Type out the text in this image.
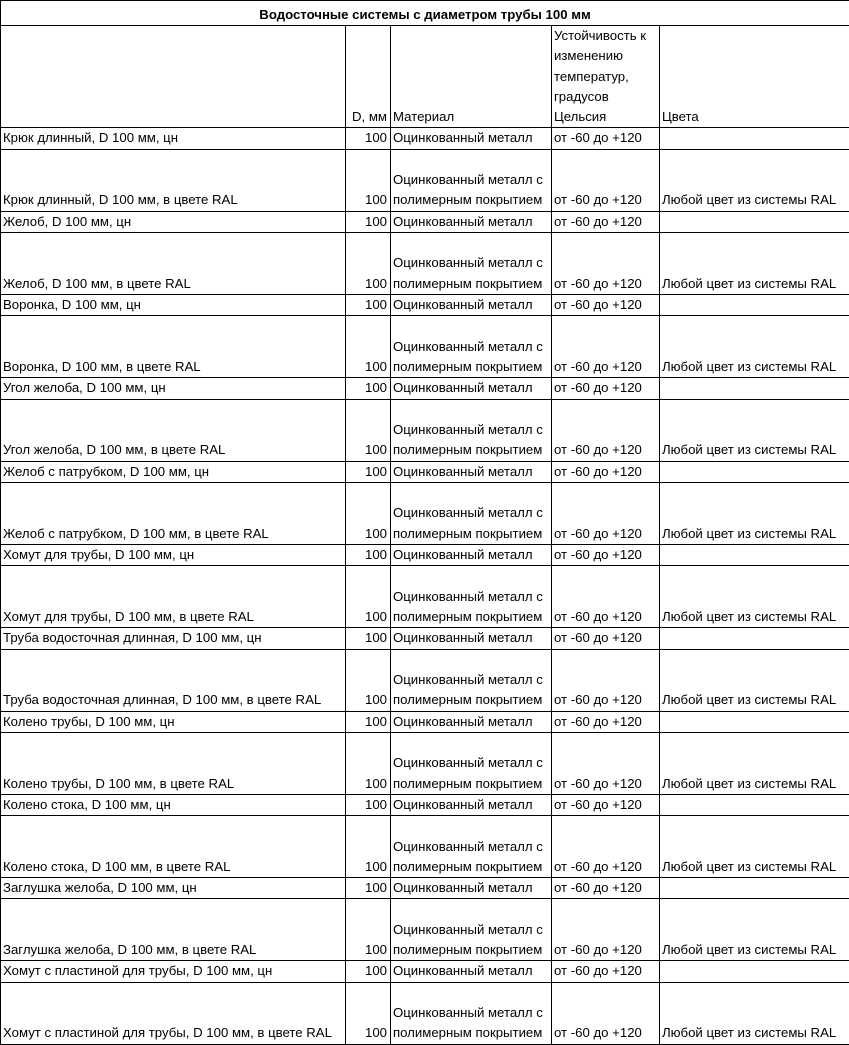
Водосточные системы с диаметром трубы 100 мм				
	D, мм	Материал	Устойчивость к изменению температур, градусов Цельсия	Цвета
Крюк длинный, D 100 мм, цн	100	Оцинкованный металл	от -60 до +120	
Крюк длинный, D 100 мм, в цвете RAL	100	Оцинкованный металл с полимерным покрытием	от -60 до +120	Любой цвет из системы RAL
Желоб, D 100 мм, цн	100	Оцинкованный металл	от -60 до +120	
Желоб, D 100 мм, в цвете RAL	100	Оцинкованный металл с полимерным покрытием	от -60 до +120	Любой цвет из системы RAL
Воронка, D 100 мм, цн	100	Оцинкованный металл	от -60 до +120	
Воронка, D 100 мм, в цвете RAL	100	Оцинкованный металл с полимерным покрытием	от -60 до +120	Любой цвет из системы RAL
Угол желоба, D 100 мм, цн	100	Оцинкованный металл	от -60 до +120	
Угол желоба, D 100 мм, в цвете RAL	100	Оцинкованный металл с полимерным покрытием	от -60 до +120	Любой цвет из системы RAL
Желоб с патрубком, D 100 мм, цн	100	Оцинкованный металл	от -60 до +120	
Желоб с патрубком, D 100 мм, в цвете RAL	100	Оцинкованный металл с полимерным покрытием	от -60 до +120	Любой цвет из системы RAL
Хомут для трубы, D 100 мм, цн	100	Оцинкованный металл	от -60 до +120	
Хомут для трубы, D 100 мм, в цвете RAL	100	Оцинкованный металл с полимерным покрытием	от -60 до +120	Любой цвет из системы RAL
Труба водосточная длинная, D 100 мм, цн	100	Оцинкованный металл	от -60 до +120	
Труба водосточная длинная, D 100 мм, в цвете RAL	100	Оцинкованный металл с полимерным покрытием	от -60 до +120	Любой цвет из системы RAL
Колено трубы, D 100 мм, цн	100	Оцинкованный металл	от -60 до +120	
Колено трубы, D 100 мм, в цвете RAL	100	Оцинкованный металл с полимерным покрытием	от -60 до +120	Любой цвет из системы RAL
Колено стока, D 100 мм, цн	100	Оцинкованный металл	от -60 до +120	
Колено стока, D 100 мм, в цвете RAL	100	Оцинкованный металл с полимерным покрытием	от -60 до +120	Любой цвет из системы RAL
Заглушка желоба, D 100 мм, цн	100	Оцинкованный металл	от -60 до +120	
Заглушка желоба, D 100 мм, в цвете RAL	100	Оцинкованный металл с полимерным покрытием	от -60 до +120	Любой цвет из системы RAL
Хомут с пластиной для трубы, D 100 мм, цн	100	Оцинкованный металл	от -60 до +120	
Хомут с пластиной для трубы, D 100 мм, в цвете RAL	100	Оцинкованный металл с полимерным покрытием	от -60 до +120	Любой цвет из системы RAL
